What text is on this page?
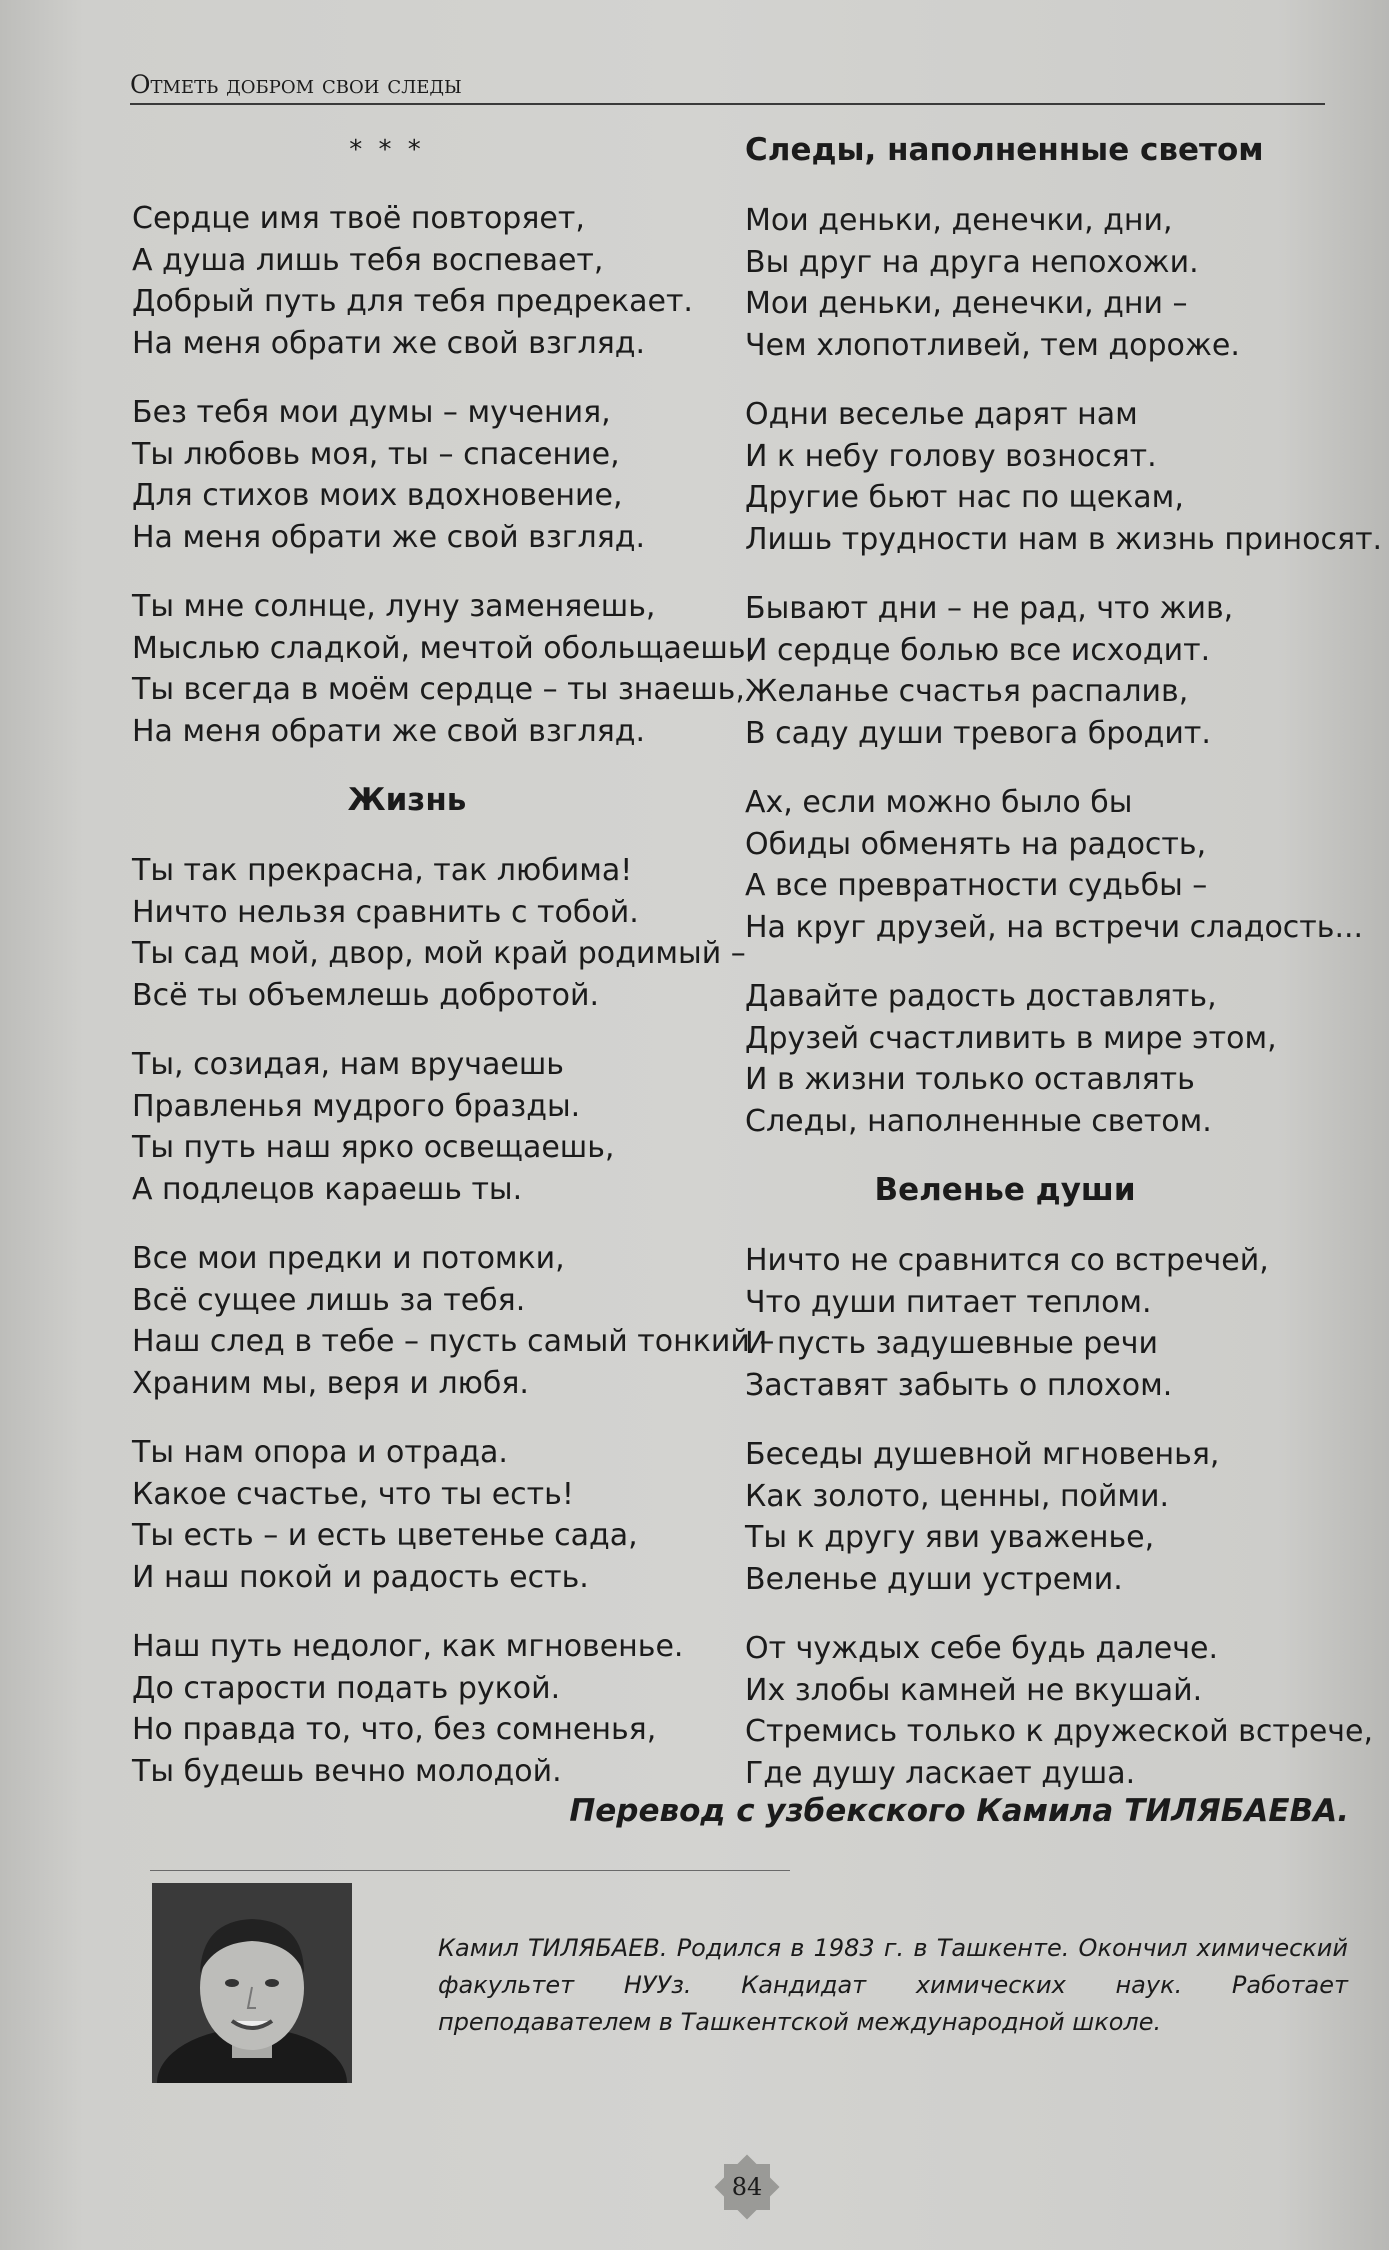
Отметь добром свои следы
* * *
Сердце имя твоё повторяет,
А душа лишь тебя воспевает,
Добрый путь для тебя предрекает.
На меня обрати же свой взгляд.
Без тебя мои думы – мучения,
Ты любовь моя, ты – спасение,
Для стихов моих вдохновение,
На меня обрати же свой взгляд.
Ты мне солнце, луну заменяешь,
Мыслью сладкой, мечтой обольщаешь,
Ты всегда в моём сердце – ты знаешь,
На меня обрати же свой взгляд.
Жизнь
Ты так прекрасна, так любима!
Ничто нельзя сравнить с тобой.
Ты сад мой, двор, мой край родимый –
Всё ты объемлешь добротой.
Ты, созидая, нам вручаешь
Правленья мудрого бразды.
Ты путь наш ярко освещаешь,
А подлецов караешь ты.
Все мои предки и потомки,
Всё сущее лишь за тебя.
Наш след в тебе – пусть самый тонкий –
Храним мы, веря и любя.
Ты нам опора и отрада.
Какое счастье, что ты есть!
Ты есть – и есть цветенье сада,
И наш покой и радость есть.
Наш путь недолог, как мгновенье.
До старости подать рукой.
Но правда то, что, без сомненья,
Ты будешь вечно молодой.
Следы, наполненные светом
Мои деньки, денечки, дни,
Вы друг на друга непохожи.
Мои деньки, денечки, дни –
Чем хлопотливей, тем дороже.
Одни веселье дарят нам
И к небу голову возносят.
Другие бьют нас по щекам,
Лишь трудности нам в жизнь приносят.
Бывают дни – не рад, что жив,
И сердце болью все исходит.
Желанье счастья распалив,
В саду души тревога бродит.
Ах, если можно было бы
Обиды обменять на радость,
А все превратности судьбы –
На круг друзей, на встречи сладость...
Давайте радость доставлять,
Друзей счастливить в мире этом,
И в жизни только оставлять
Следы, наполненные светом.
Веленье души
Ничто не сравнится со встречей,
Что души питает теплом.
И пусть задушевные речи
Заставят забыть о плохом.
Беседы душевной мгновенья,
Как золото, ценны, пойми.
Ты к другу яви уваженье,
Веленье души устреми.
От чуждых себе будь далече.
Их злобы камней не вкушай.
Стремись только к дружеской встрече,
Где душу ласкает душа.
Перевод с узбекского Камила ТИЛЯБАЕВА.
Камил ТИЛЯБАЕВ. Родился в 1983 г. в Ташкенте. Окончил химический факультет НУУз. Кандидат химических наук. Работает преподавателем в Ташкентской международной школе.
84
